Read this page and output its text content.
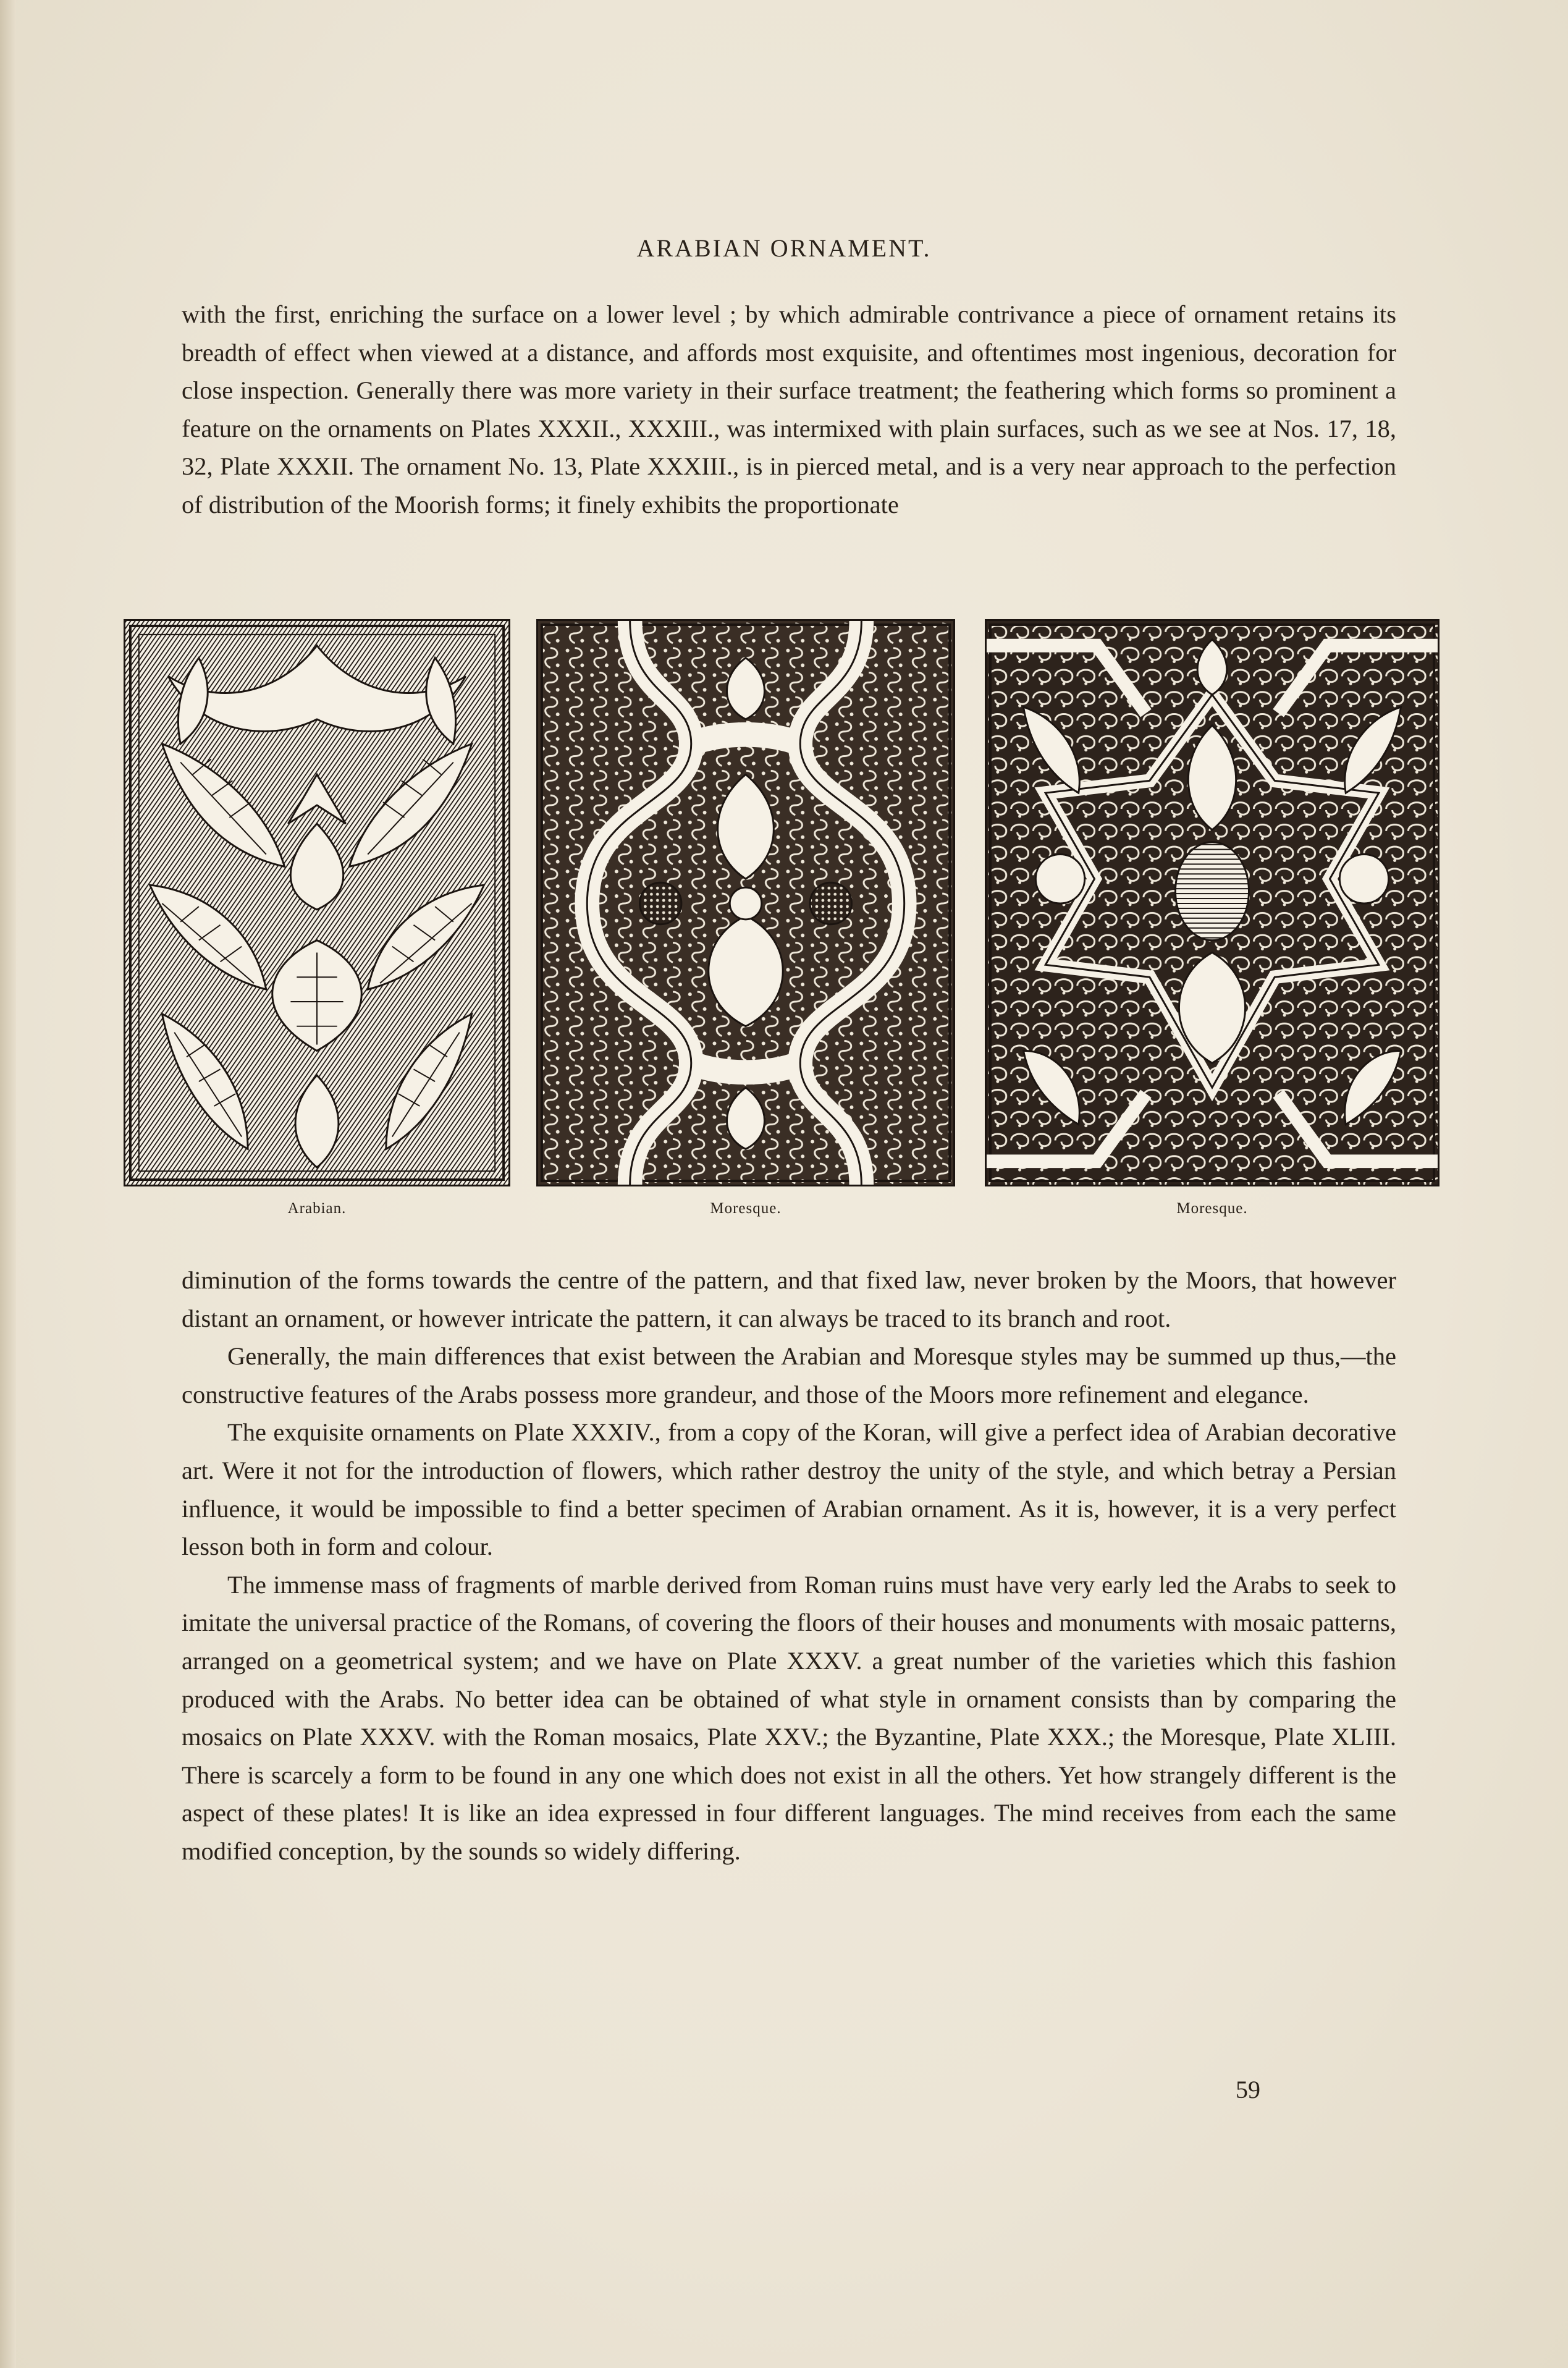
ARABIAN ORNAMENT.

with the first, enriching the surface on a lower level ; by which admirable contrivance a piece of ornament retains its breadth of effect when viewed at a distance, and affords most exquisite, and oftentimes most ingenious, decoration for close inspection. Generally there was more variety in their surface treatment; the feathering which forms so prominent a feature on the ornaments on Plates XXXII., XXXIII., was intermixed with plain surfaces, such as we see at Nos. 17, 18, 32, Plate XXXII. The ornament No. 13, Plate XXXIII., is in pierced metal, and is a very near approach to the perfection of distribution of the Moorish forms; it finely exhibits the proportionate

Arabian.	Moresque.	Moresque.

diminution of the forms towards the centre of the pattern, and that fixed law, never broken by the Moors, that however distant an ornament, or however intricate the pattern, it can always be traced to its branch and root.

Generally, the main differences that exist between the Arabian and Moresque styles may be summed up thus,—the constructive features of the Arabs possess more grandeur, and those of the Moors more refinement and elegance.

The exquisite ornaments on Plate XXXIV., from a copy of the Koran, will give a perfect idea of Arabian decorative art. Were it not for the introduction of flowers, which rather destroy the unity of the style, and which betray a Persian influence, it would be impossible to find a better specimen of Arabian ornament. As it is, however, it is a very perfect lesson both in form and colour.

The immense mass of fragments of marble derived from Roman ruins must have very early led the Arabs to seek to imitate the universal practice of the Romans, of covering the floors of their houses and monuments with mosaic patterns, arranged on a geometrical system; and we have on Plate XXXV. a great number of the varieties which this fashion produced with the Arabs. No better idea can be obtained of what style in ornament consists than by comparing the mosaics on Plate XXXV. with the Roman mosaics, Plate XXV.; the Byzantine, Plate XXX.; the Moresque, Plate XLIII. There is scarcely a form to be found in any one which does not exist in all the others. Yet how strangely different is the aspect of these plates! It is like an idea expressed in four different languages. The mind receives from each the same modified conception, by the sounds so widely differing.

59
